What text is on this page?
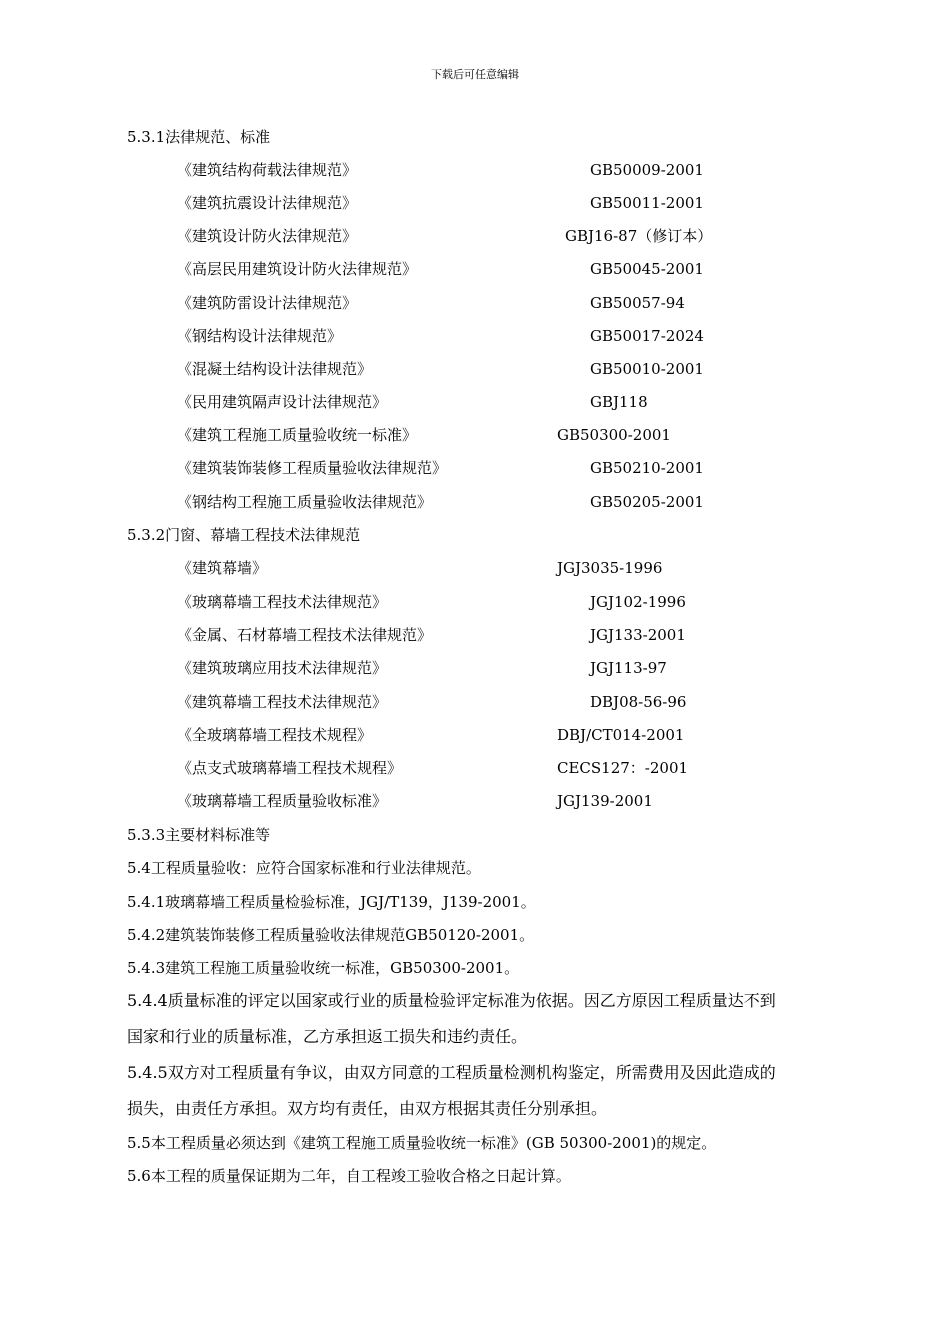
下载后可任意编辑
5.3.1法律规范、标准
《建筑结构荷载法律规范》	GB50009-2001
《建筑抗震设计法律规范》	GB50011-2001
《建筑设计防火法律规范》	GBJ16-87（修订本）
《高层民用建筑设计防火法律规范》	GB50045-2001
《建筑防雷设计法律规范》	GB50057-94
《钢结构设计法律规范》	GB50017-2024
《混凝土结构设计法律规范》	GB50010-2001
《民用建筑隔声设计法律规范》	GBJ118
《建筑工程施工质量验收统一标准》	GB50300-2001
《建筑装饰装修工程质量验收法律规范》	GB50210-2001
《钢结构工程施工质量验收法律规范》	GB50205-2001
5.3.2门窗、幕墙工程技术法律规范
《建筑幕墙》	JGJ3035-1996
《玻璃幕墙工程技术法律规范》	JGJ102-1996
《金属、石材幕墙工程技术法律规范》	JGJ133-2001
《建筑玻璃应用技术法律规范》	JGJ113-97
《建筑幕墙工程技术法律规范》	DBJ08-56-96
《全玻璃幕墙工程技术规程》	DBJ/CT014-2001
《点支式玻璃幕墙工程技术规程》	CECS127：-2001
《玻璃幕墙工程质量验收标准》	JGJ139-2001
5.3.3主要材料标准等
5.4工程质量验收：应符合国家标准和行业法律规范。
5.4.1玻璃幕墙工程质量检验标准，JGJ/T139，J139-2001。
5.4.2建筑装饰装修工程质量验收法律规范GB50120-2001。
5.4.3建筑工程施工质量验收统一标准，GB50300-2001。
5.4.4质量标准的评定以国家或行业的质量检验评定标准为依据。因乙方原因工程质量达不到
国家和行业的质量标准，乙方承担返工损失和违约责任。
5.4.5双方对工程质量有争议，由双方同意的工程质量检测机构鉴定，所需费用及因此造成的
损失，由责任方承担。双方均有责任，由双方根据其责任分别承担。
5.5本工程质量必须达到《建筑工程施工质量验收统一标准》(GB 50300-2001)的规定。
5.6本工程的质量保证期为二年，自工程竣工验收合格之日起计算。
